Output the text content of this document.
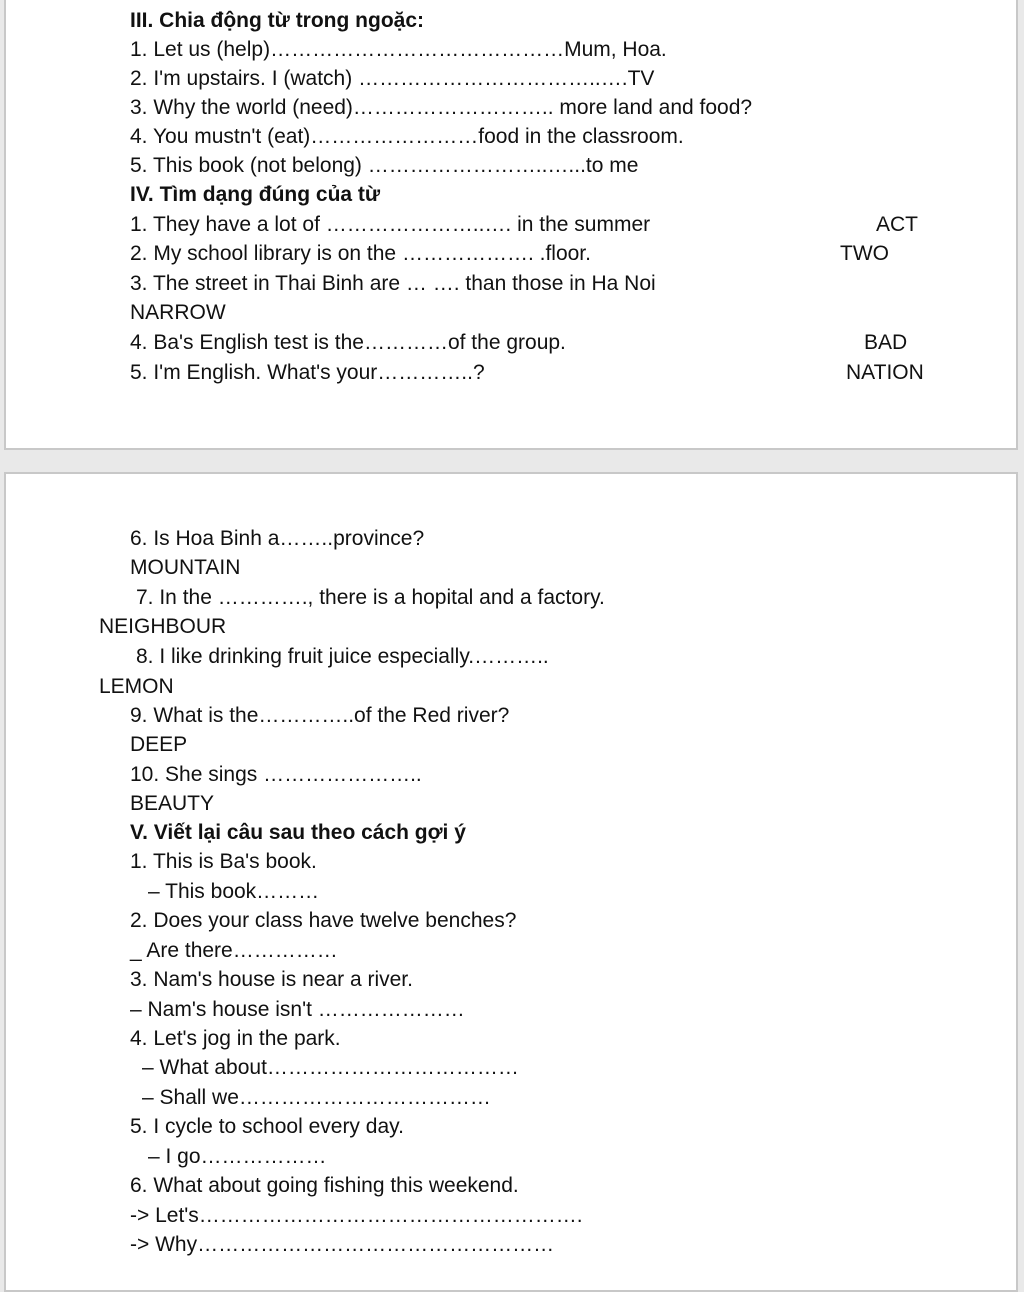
III. Chia động từ trong ngoặc:
1. Let us (help)……………………………………Mum, Hoa.
2. I'm upstairs. I (watch) ……………………………..….TV
3. Why the world (need)……………………….. more land and food?
4. You mustn't (eat)……………………food in the classroom.
5. This book (not belong) ……………………..…...to me
IV. Tìm dạng đúng của từ
1. They have a lot of …………………..…. in the summer	ACT
2. My school library is on the ………………. .floor.	TWO
3. The street in Thai Binh are … …. than those in Ha Noi
NARROW
4. Ba's English test is the…………of the group.	BAD
5. I'm English. What's your…………..?	NATION
6. Is Hoa Binh a……..province?
MOUNTAIN
7. In the …………., there is a hopital and a factory.
NEIGHBOUR
8. I like drinking fruit juice especially.………..
LEMON
9. What is the…………..of the Red river?
DEEP
10. She sings …………………..
BEAUTY
V. Viết lại câu sau theo cách gợi ý
1. This is Ba's book.
– This book………
2. Does your class have twelve benches?
_ Are there……………
3. Nam's house is near a river.
– Nam's house isn't …………………
4. Let's jog in the park.
– What about………………………………
– Shall we………………………………
5. I cycle to school every day.
– I go………………
6. What about going fishing this weekend.
-> Let's……………………………………………….
-> Why……………………………………………
